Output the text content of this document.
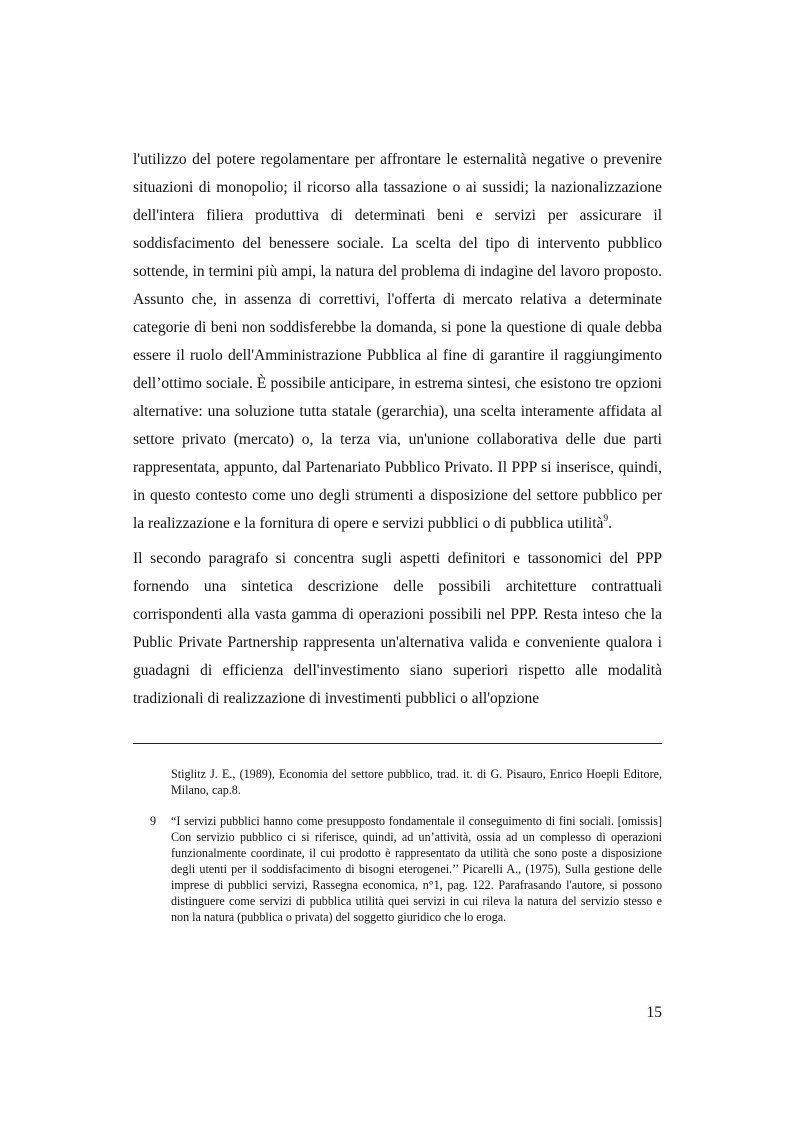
l'utilizzo del potere regolamentare per affrontare le esternalità negative o prevenire situazioni di monopolio; il ricorso alla tassazione o ai sussidi; la nazionalizzazione dell'intera filiera produttiva di determinati beni e servizi per assicurare il soddisfacimento del benessere sociale. La scelta del tipo di intervento pubblico sottende, in termini più ampi, la natura del problema di indagine del lavoro proposto. Assunto che, in assenza di correttivi, l'offerta di mercato relativa a determinate categorie di beni non soddisferebbe la domanda, si pone la questione di quale debba essere il ruolo dell'Amministrazione Pubblica al fine di garantire il raggiungimento dell’ottimo sociale. È possibile anticipare, in estrema sintesi, che esistono tre opzioni alternative: una soluzione tutta statale (gerarchia), una scelta interamente affidata al settore privato (mercato) o, la terza via, un'unione collaborativa delle due parti rappresentata, appunto, dal Partenariato Pubblico Privato. Il PPP si inserisce, quindi, in questo contesto come uno degli strumenti a disposizione del settore pubblico per la realizzazione e la fornitura di opere e servizi pubblici o di pubblica utilità$^9$.

Il secondo paragrafo si concentra sugli aspetti definitori e tassonomici del PPP fornendo una sintetica descrizione delle possibili architetture contrattuali corrispondenti alla vasta gamma di operazioni possibili nel PPP. Resta inteso che la Public Private Partnership rappresenta un'alternativa valida e conveniente qualora i guadagni di efficienza dell'investimento siano superiori rispetto alle modalità tradizionali di realizzazione di investimenti pubblici o all'opzione

Stiglitz J. E., (1989), Economia del settore pubblico, trad. it. di G. Pisauro, Enrico Hoepli Editore, Milano, cap.8.
9 “I servizi pubblici hanno come presupposto fondamentale il conseguimento di fini sociali. [omissis] Con servizio pubblico ci si riferisce, quindi, ad un’attività, ossia ad un complesso di operazioni funzionalmente coordinate, il cui prodotto è rappresentato da utilità che sono poste a disposizione degli utenti per il soddisfacimento di bisogni eterogenei.’’ Picarelli A., (1975), Sulla gestione delle imprese di pubblici servizi, Rassegna economica, n°1, pag. 122. Parafrasando l'autore, si possono distinguere come servizi di pubblica utilità quei servizi in cui rileva la natura del servizio stesso e non la natura (pubblica o privata) del soggetto giuridico che lo eroga.
15
